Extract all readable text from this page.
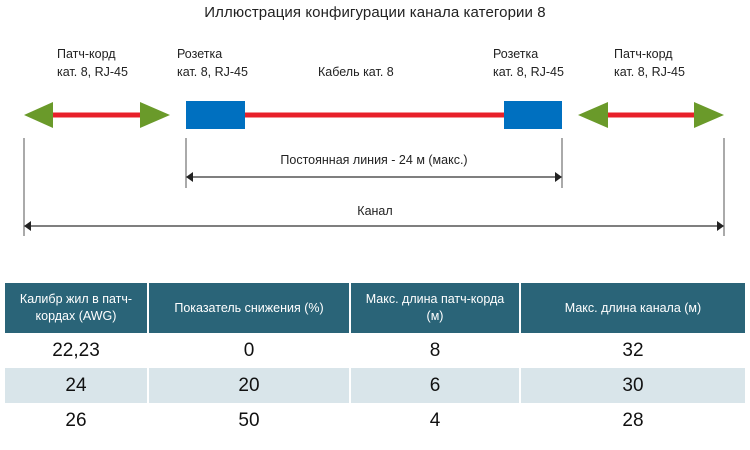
Иллюстрация конфигурации канала категории 8
Патч-корд
кат. 8, RJ-45
Розетка
кат. 8, RJ-45	Кабель кат. 8
Розетка
кат. 8, RJ-45
Патч-корд
кат. 8, RJ-45
Постоянная линия - 24 м (макс.)
Канал
Калибр жил в патч-кордах (AWG)	Показатель снижения (%)	Макс. длина патч-корда (м)	Макс. длина канала (м)
22,23	0	8	32
24	20	6	30
26	50	4	28
